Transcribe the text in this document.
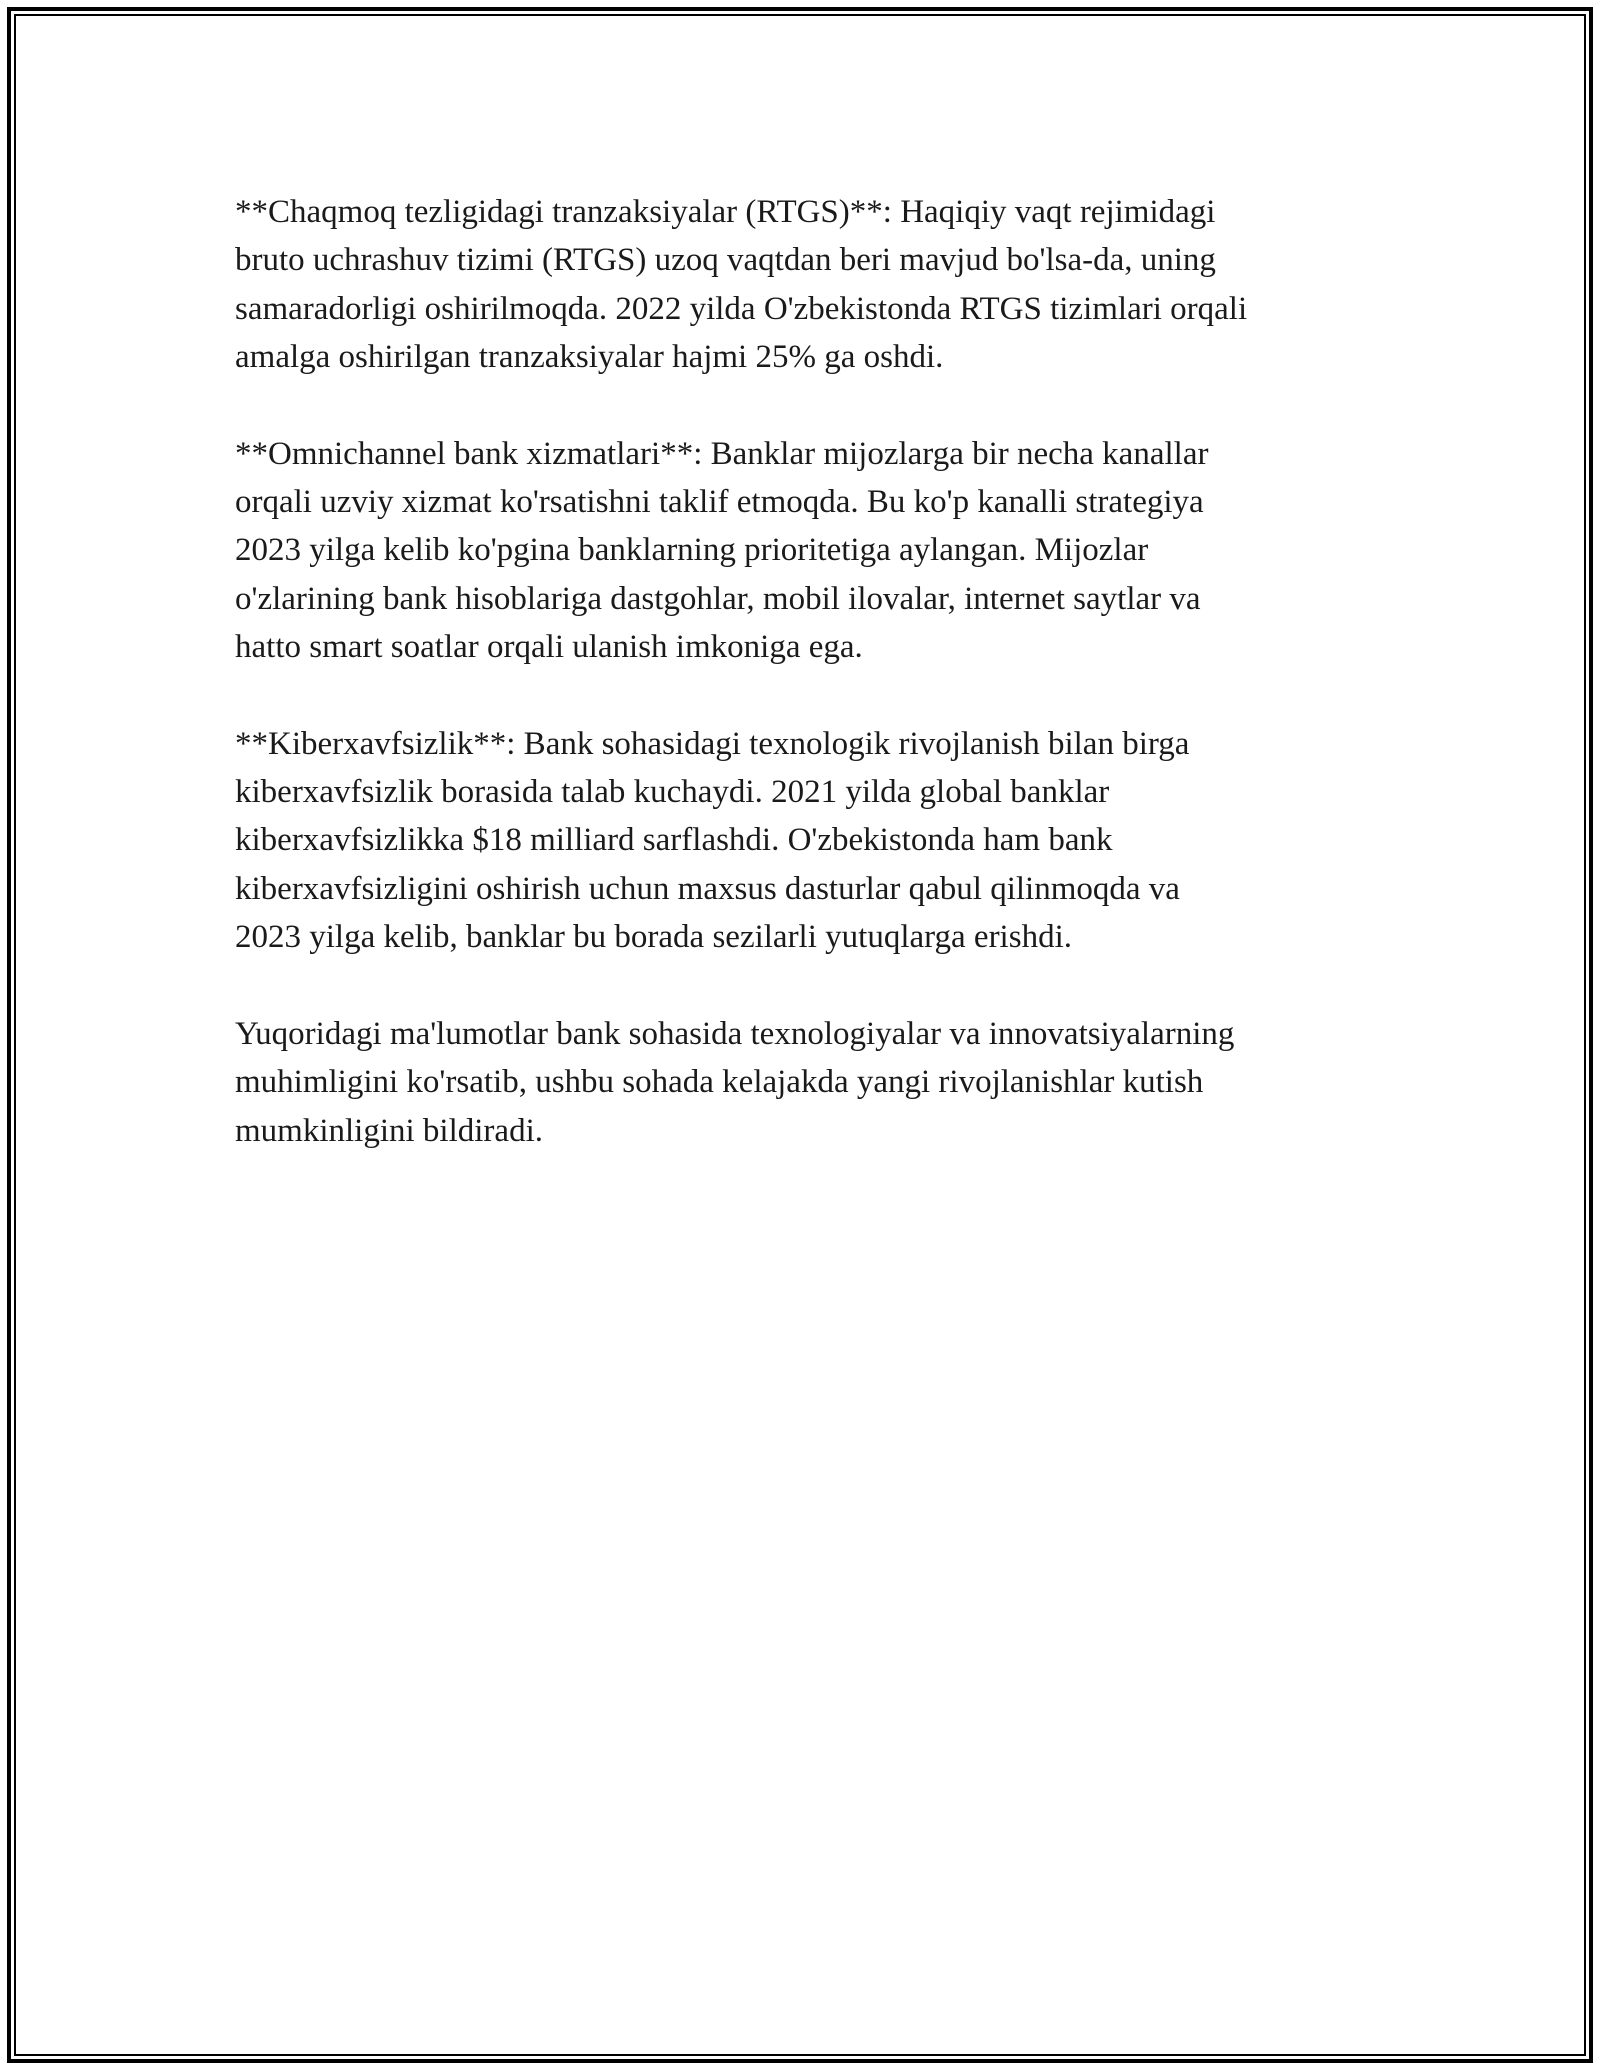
**Chaqmoq tezligidagi tranzaksiyalar (RTGS)**: Haqiqiy vaqt rejimidagi
bruto uchrashuv tizimi (RTGS) uzoq vaqtdan beri mavjud bo'lsa-da, uning
samaradorligi oshirilmoqda. 2022 yilda O'zbekistonda RTGS tizimlari orqali
amalga oshirilgan tranzaksiyalar hajmi 25% ga oshdi.

**Omnichannel bank xizmatlari**: Banklar mijozlarga bir necha kanallar
orqali uzviy xizmat ko'rsatishni taklif etmoqda. Bu ko'p kanalli strategiya
2023 yilga kelib ko'pgina banklarning prioritetiga aylangan. Mijozlar
o'zlarining bank hisoblariga dastgohlar, mobil ilovalar, internet saytlar va
hatto smart soatlar orqali ulanish imkoniga ega.

**Kiberxavfsizlik**: Bank sohasidagi texnologik rivojlanish bilan birga
kiberxavfsizlik borasida talab kuchaydi. 2021 yilda global banklar
kiberxavfsizlikka $18 milliard sarflashdi. O'zbekistonda ham bank
kiberxavfsizligini oshirish uchun maxsus dasturlar qabul qilinmoqda va
2023 yilga kelib, banklar bu borada sezilarli yutuqlarga erishdi.

Yuqoridagi ma'lumotlar bank sohasida texnologiyalar va innovatsiyalarning
muhimligini ko'rsatib, ushbu sohada kelajakda yangi rivojlanishlar kutish
mumkinligini bildiradi.
